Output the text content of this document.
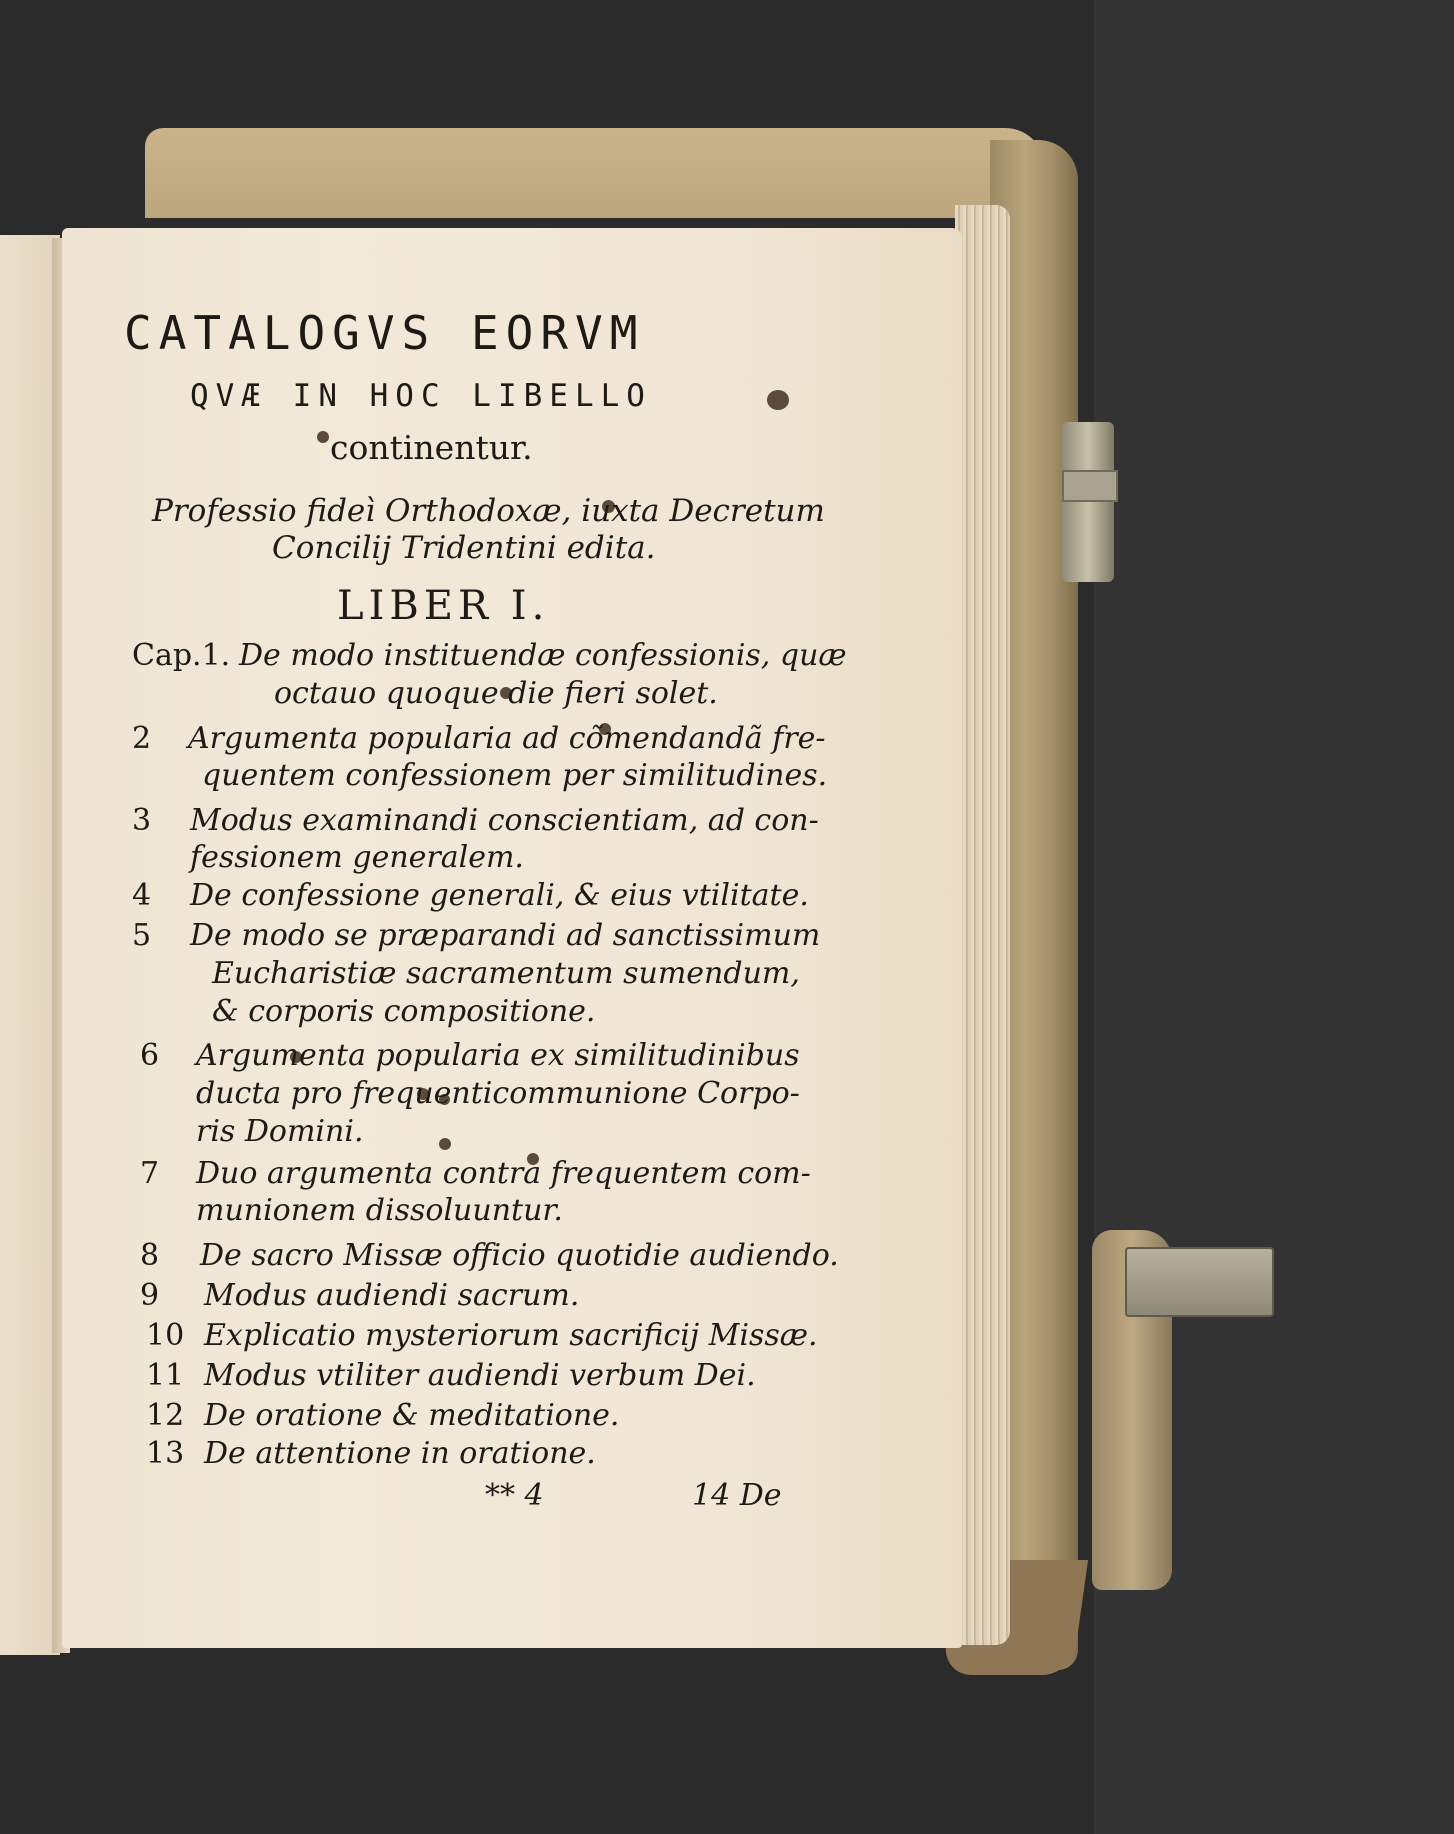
CATALOGVS EORVM
QVÆ IN HOC LIBELLO
continentur.
Professio fideì Orthodoxæ, iuxta Decretum
Concilij Tridentini edita.
LIBER I.
Cap.1. De modo instituendæ confessionis, quæ
octauo quoque die fieri solet.
2 Argumenta popularia ad cõmendandã fre-
quentem confessionem per similitudines.
3 Modus examinandi conscientiam, ad con-
fessionem generalem.
4 De confessione generali, & eius vtilitate.
5 De modo se præparandi ad sanctissimum
Eucharistiæ sacramentum sumendum,
& corporis compositione.
6 Argumenta popularia ex similitudinibus
ducta pro frequenticommunione Corpo-
ris Domini.
7 Duo argumenta contra frequentem com-
munionem dissoluuntur.
8 De sacro Missæ officio quotidie audiendo.
9 Modus audiendi sacrum.
10 Explicatio mysteriorum sacrificij Missæ.
11 Modus vtiliter audiendi verbum Dei.
12 De oratione & meditatione.
13 De attentione in oratione.
** 4	14 De
